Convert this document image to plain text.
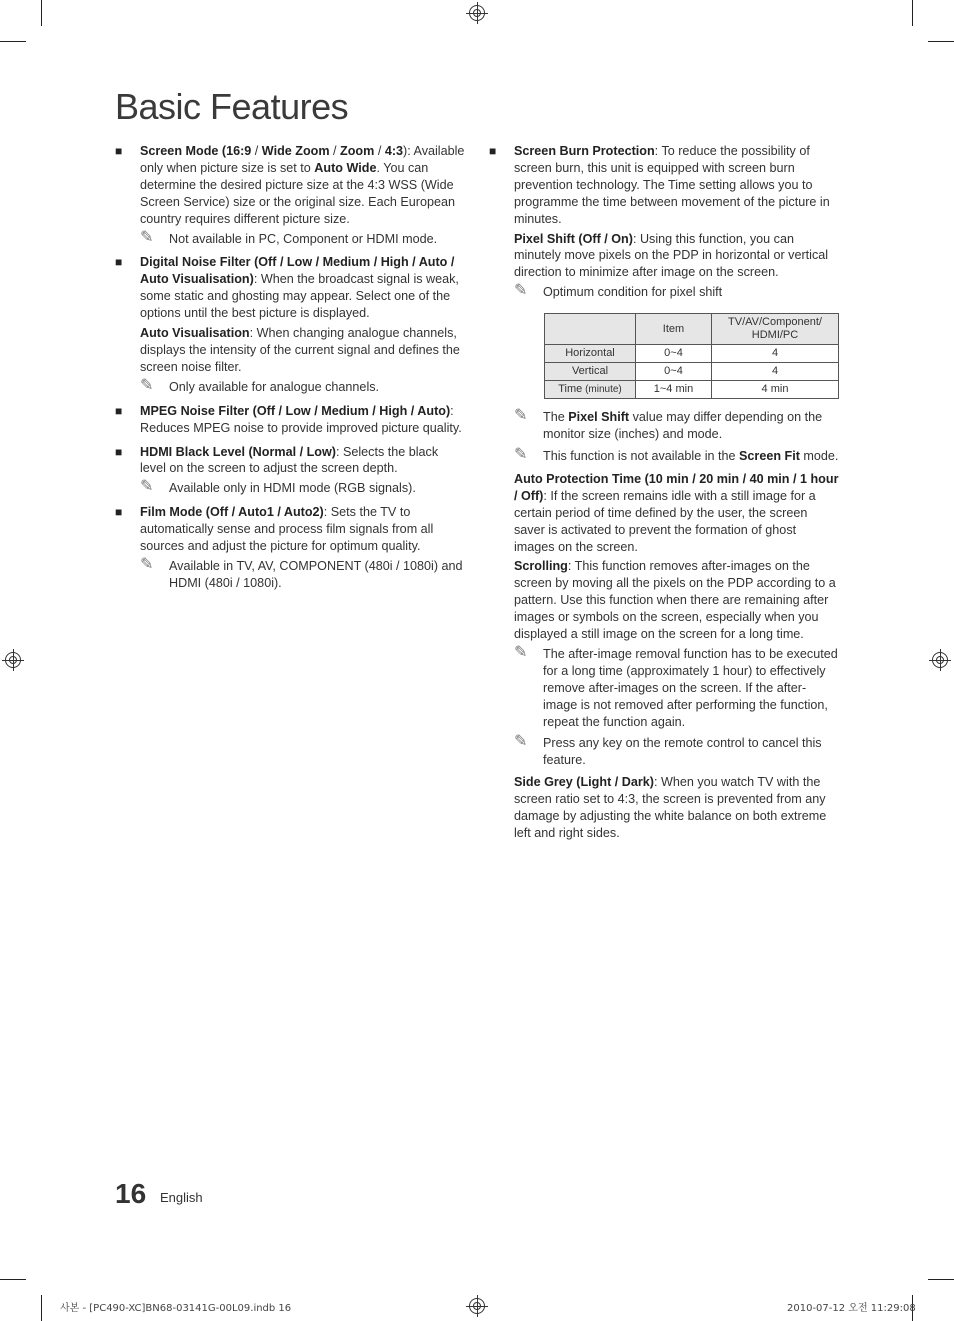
Basic Features
■ Screen Mode (16:9 / Wide Zoom / Zoom / 4:3): Available only when picture size is set to Auto Wide. You can determine the desired picture size at the 4:3 WSS (Wide Screen Service) size or the original size. Each European country requires different picture size.

✎ Not available in PC, Component or HDMI mode.
■ Digital Noise Filter (Off / Low / Medium / High / Auto / Auto Visualisation): When the broadcast signal is weak, some static and ghosting may appear. Select one of the options until the best picture is displayed.

Auto Visualisation: When changing analogue channels, displays the intensity of the current signal and defines the screen noise filter.

✎ Only available for analogue channels.
■ MPEG Noise Filter (Off / Low / Medium / High / Auto): Reduces MPEG noise to provide improved picture quality.

■ HDMI Black Level (Normal / Low): Selects the black level on the screen to adjust the screen depth.

✎ Available only in HDMI mode (RGB signals).
■ Film Mode (Off / Auto1 / Auto2): Sets the TV to automatically sense and process film signals from all sources and adjust the picture for optimum quality.

✎ Available in TV, AV, COMPONENT (480i / 1080i) and HDMI (480i / 1080i).
■ Screen Burn Protection: To reduce the possibility of screen burn, this unit is equipped with screen burn prevention technology. The Time setting allows you to programme the time between movement of the picture in minutes.

Pixel Shift (Off / On): Using this function, you can minutely move pixels on the PDP in horizontal or vertical direction to minimize after image on the screen.

✎ Optimum condition for pixel shift
	Item	TV/AV/Component/ HDMI/PC
Horizontal	0~4	4
Vertical	0~4	4
Time (minute)	1~4 min	4 min
✎ The Pixel Shift value may differ depending on the monitor size (inches) and mode.
✎ This function is not available in the Screen Fit mode.

Auto Protection Time (10 min / 20 min / 40 min / 1 hour / Off): If the screen remains idle with a still image for a certain period of time defined by the user, the screen saver is activated to prevent the formation of ghost images on the screen.

Scrolling: This function removes after-images on the screen by moving all the pixels on the PDP according to a pattern. Use this function when there are remaining after images or symbols on the screen, especially when you displayed a still image on the screen for a long time.

✎ The after-image removal function has to be executed for a long time (approximately 1 hour) to effectively remove after-images on the screen. If the after-image is not removed after performing the function, repeat the function again.
✎ Press any key on the remote control to cancel this feature.

Side Grey (Light / Dark): When you watch TV with the screen ratio set to 4:3, the screen is prevented from any damage by adjusting the white balance on both extreme left and right sides.

16 English
사본 - [PC490-XC]BN68-03141G-00L09.indb 16	2010-07-12 오전 11:29:08
